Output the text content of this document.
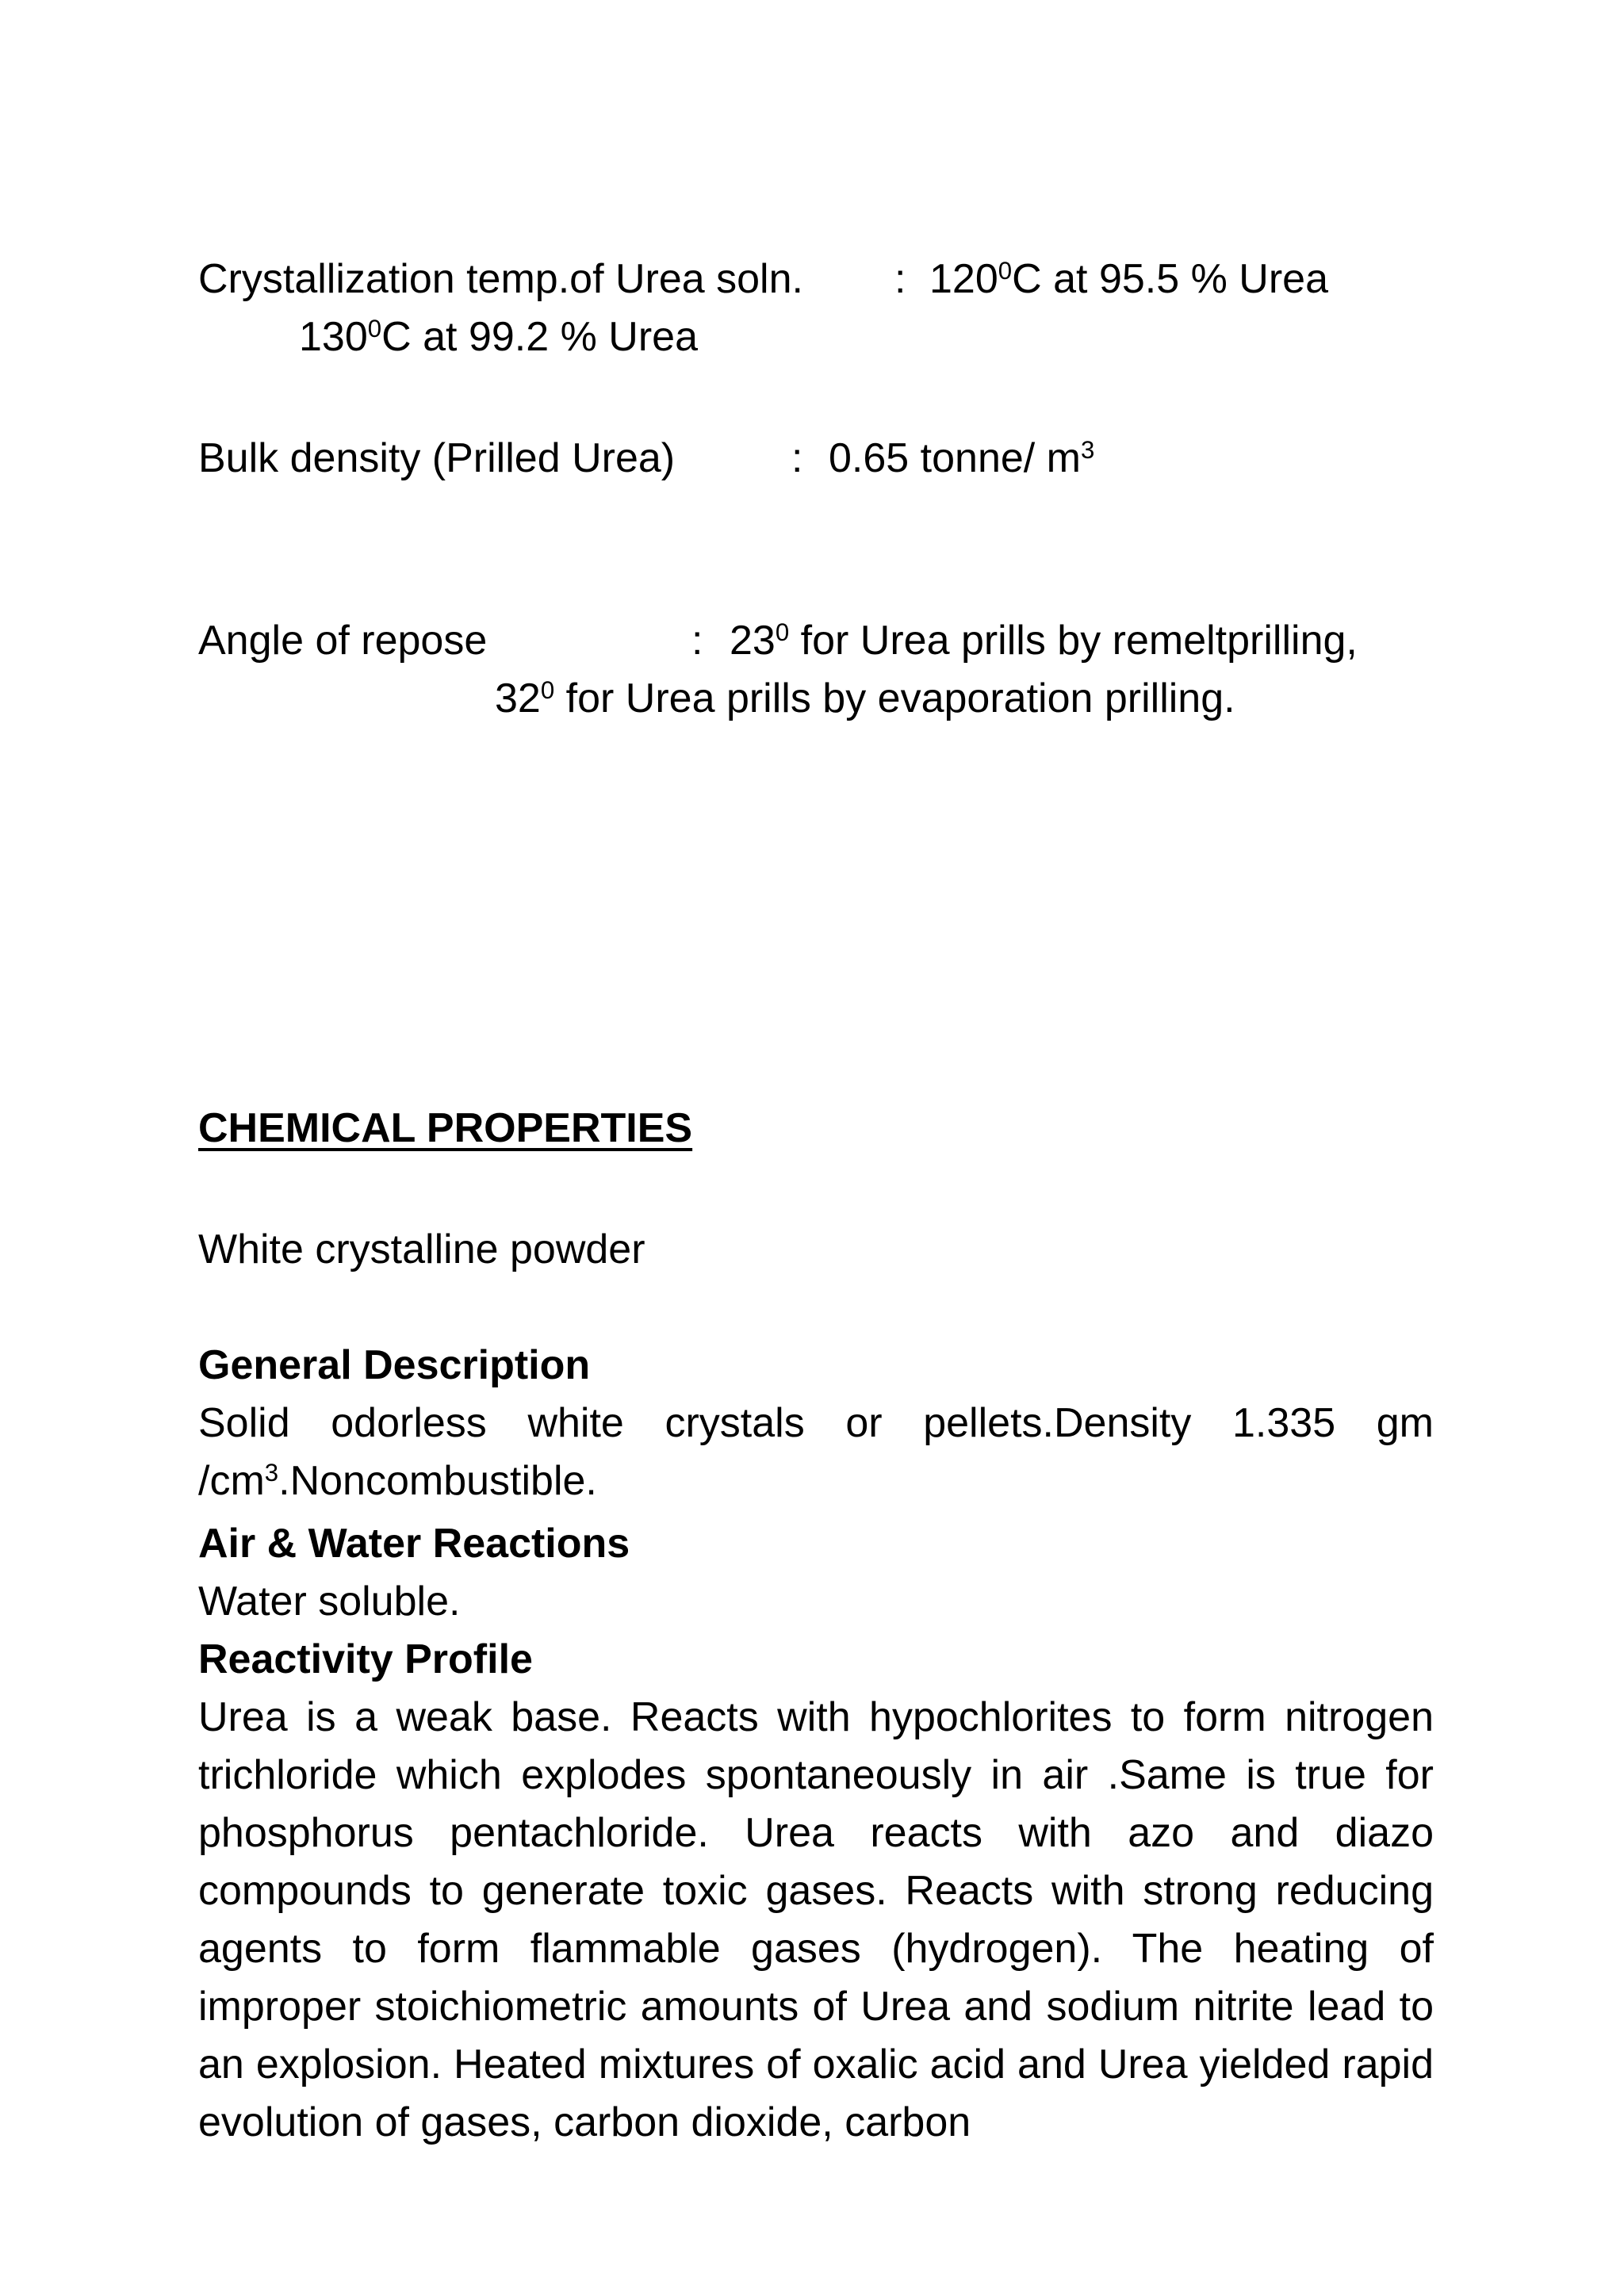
Crystallization temp.of Urea soln. : $120^0C$ at 95.5 % Urea
$130^0C$ at 99.2 % Urea
Bulk density (Prilled Urea)	: 0.65 tonne/ $m^3$
Angle of repose	: $23^0$ for Urea prills by remeltprilling,
$32^0$ for Urea prills by evaporation prilling.
CHEMICAL PROPERTIES
White crystalline powder
General Description
Solid odorless white crystals or pellets.Density 1.335 gm $/cm^3.Noncombustible$.
Air & Water Reactions
Water soluble.
Reactivity Profile
Urea is a weak base. Reacts with hypochlorites to form nitrogen trichloride which explodes spontaneously in air .Same is true for phosphorus pentachloride. Urea reacts with azo and diazo compounds to generate toxic gases. Reacts with strong reducing agents to form flammable gases (hydrogen). The heating of improper stoichiometric amounts of Urea and sodium nitrite lead to an explosion. Heated mixtures of oxalic acid and Urea yielded rapid evolution of gases, carbon dioxide, carbon
